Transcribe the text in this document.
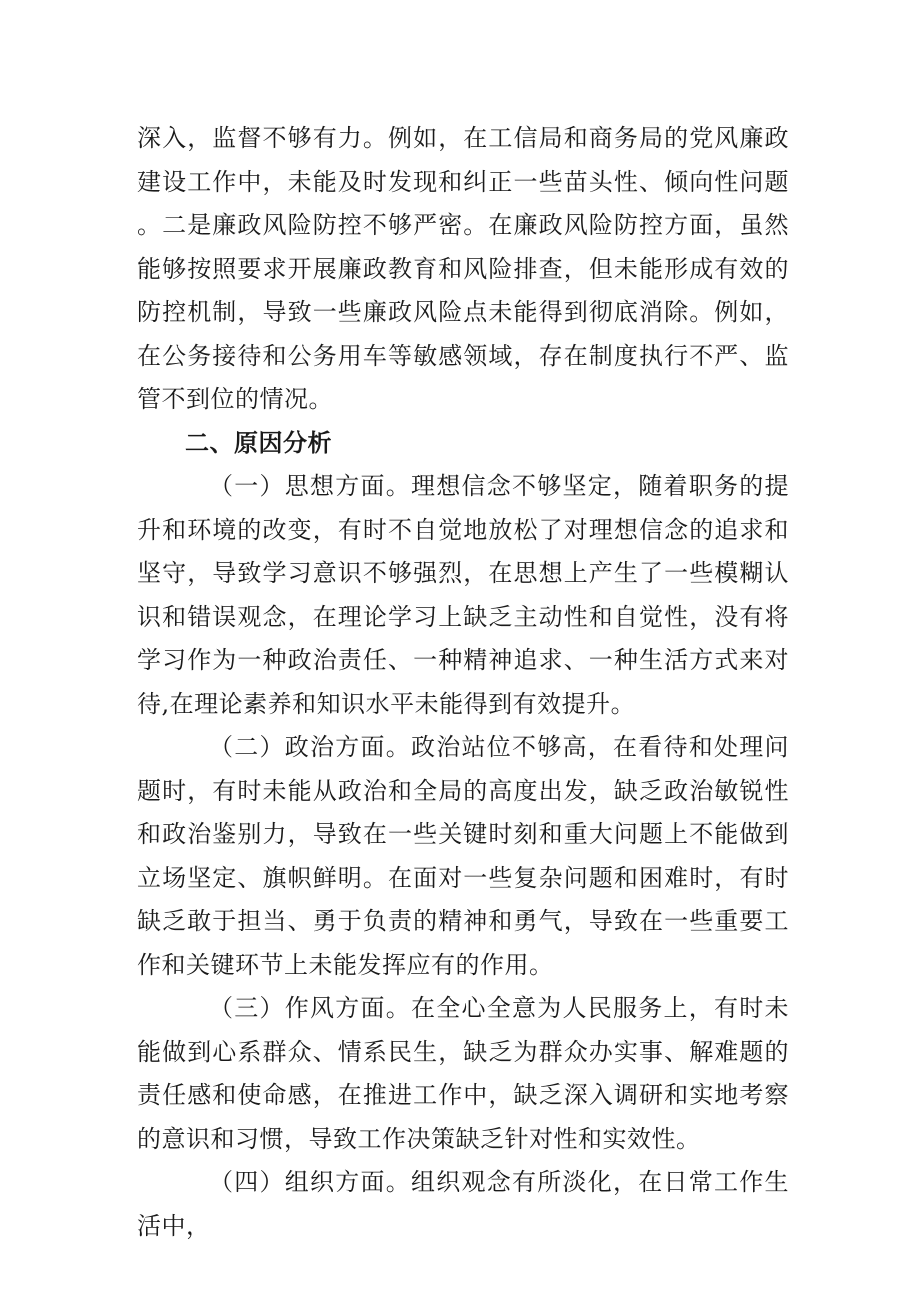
深入，监督不够有力。例如，在工信局和商务局的党风廉政建设工作中，未能及时发现和纠正一些苗头性、倾向性问题。二是廉政风险防控不够严密。在廉政风险防控方面，虽然能够按照要求开展廉政教育和风险排查，但未能形成有效的防控机制，导致一些廉政风险点未能得到彻底消除。例如，在公务接待和公务用车等敏感领域，存在制度执行不严、监管不到位的情况。

二、原因分析

（一）思想方面。理想信念不够坚定，随着职务的提升和环境的改变，有时不自觉地放松了对理想信念的追求和坚守，导致学习意识不够强烈，在思想上产生了一些模糊认识和错误观念，在理论学习上缺乏主动性和自觉性，没有将学习作为一种政治责任、一种精神追求、一种生活方式来对待,在理论素养和知识水平未能得到有效提升。

（二）政治方面。政治站位不够高，在看待和处理问题时，有时未能从政治和全局的高度出发，缺乏政治敏锐性和政治鉴别力，导致在一些关键时刻和重大问题上不能做到立场坚定、旗帜鲜明。在面对一些复杂问题和困难时，有时缺乏敢于担当、勇于负责的精神和勇气，导致在一些重要工作和关键环节上未能发挥应有的作用。

（三）作风方面。在全心全意为人民服务上，有时未能做到心系群众、情系民生，缺乏为群众办实事、解难题的责任感和使命感，在推进工作中，缺乏深入调研和实地考察的意识和习惯，导致工作决策缺乏针对性和实效性。

（四）组织方面。组织观念有所淡化，在日常工作生活中，
